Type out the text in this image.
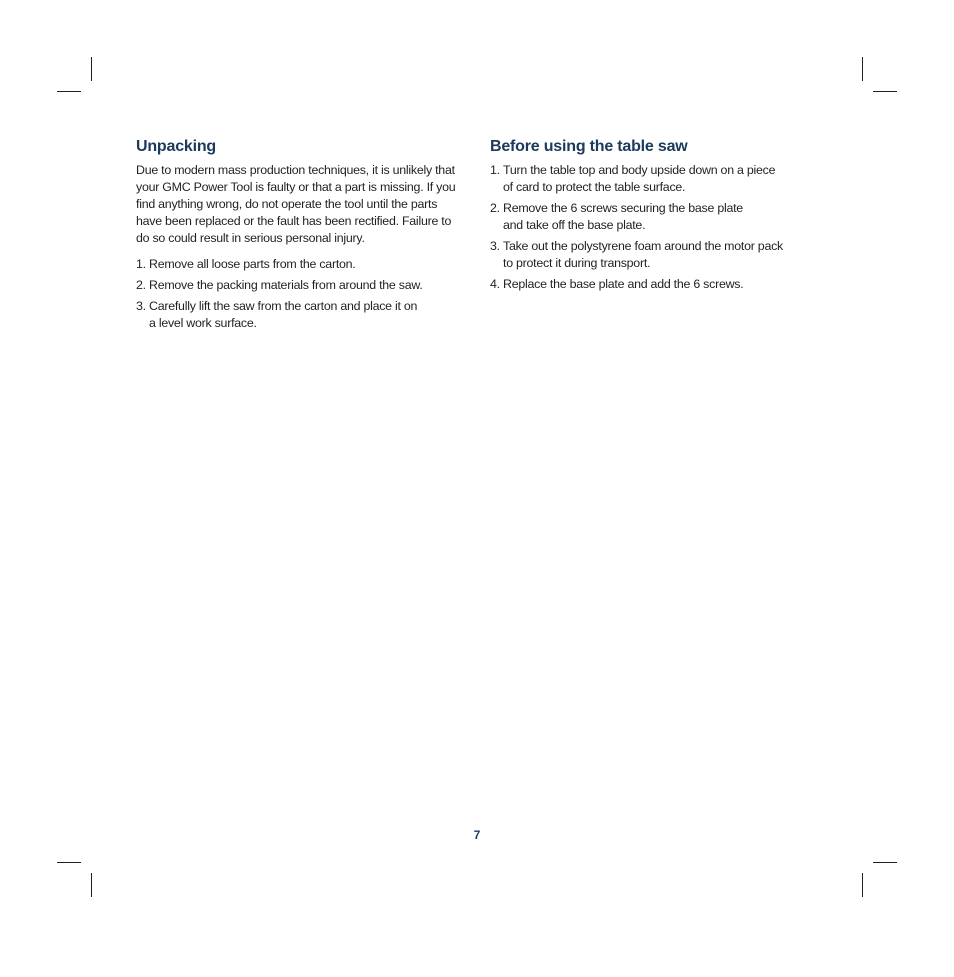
Unpacking

Due to modern mass production techniques, it is unlikely that your GMC Power Tool is faulty or that a part is missing. If you find anything wrong, do not operate the tool until the parts have been replaced or the fault has been rectified. Failure to do so could result in serious personal injury.

1. Remove all loose parts from the carton.
2. Remove the packing materials from around the saw.
3. Carefully lift the saw from the carton and place it on
a level work surface.
Before using the table saw
1. Turn the table top and body upside down on a piece
of card to protect the table surface.
2. Remove the 6 screws securing the base plate
and take off the base plate.
3. Take out the polystyrene foam around the motor pack
to protect it during transport.
4. Replace the base plate and add the 6 screws.
7
